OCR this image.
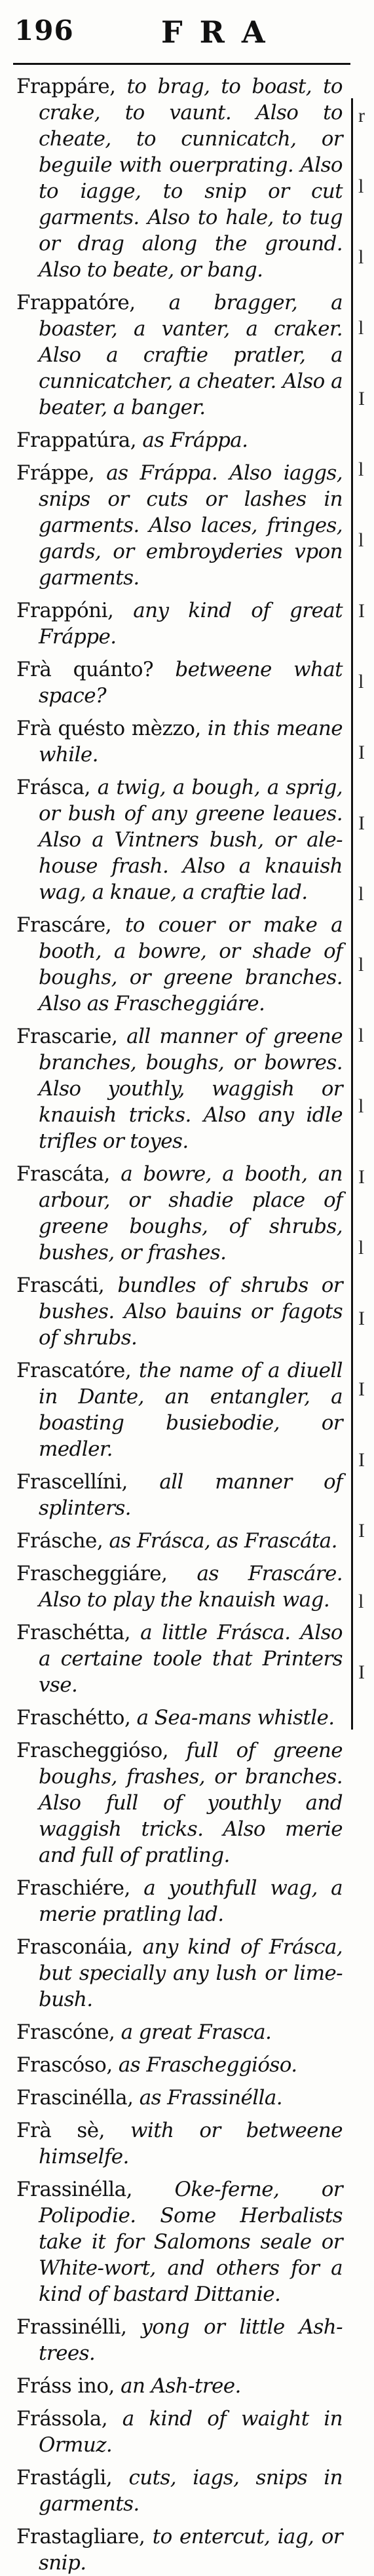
196	FRA

Frappáre, to brag, to boast, to crake, to vaunt. Also to cheate, to cunnicatch, or beguile with ouerprating. Also to iagge, to snip or cut garments. Also to hale, to tug or drag along the ground. Also to beate, or bang.

Frappatóre, a bragger, a boaster, a vanter, a craker. Also a craftie pratler, a cunnicatcher, a cheater. Also a beater, a banger.

Frappatúra, as Fráppa.

Fráppe, as Fráppa. Also iaggs, snips or cuts or lashes in garments. Also laces, fringes, gards, or embroyderies vpon garments.

Frappóni, any kind of great Fráppe.

Frà quánto? betweene what space?

Frà quésto mèzzo, in this meane while.

Frásca, a twig, a bough, a sprig, or bush of any greene leaues. Also a Vintners bush, or ale-house frash. Also a knauish wag, a knaue, a craftie lad.

Frascáre, to couer or make a booth, a bowre, or shade of boughs, or greene branches. Also as Frascheggiáre.

Frascarie, all manner of greene branches, boughs, or bowres. Also youthly, waggish or knauish tricks. Also any idle trifles or toyes.

Frascáta, a bowre, a booth, an arbour, or shadie place of greene boughs, of shrubs, bushes, or frashes.

Frascáti, bundles of shrubs or bushes. Also bauins or fagots of shrubs.

Frascatóre, the name of a diuell in Dante, an entangler, a boasting busiebodie, or medler.

Frascellíni, all manner of splinters.

Frásche, as Frásca, as Frascáta.

Frascheggiáre, as Frascáre. Also to play the knauish wag.

Fraschétta, a little Frásca. Also a certaine toole that Printers vse.

Fraschétto, a Sea-mans whistle.

Frascheggióso, full of greene boughs, frashes, or branches. Also full of youthly and waggish tricks. Also merie and full of pratling.

Fraschiére, a youthfull wag, a merie pratling lad.

Frasconáia, any kind of Frásca, but specially any lush or lime-bush.

Frascóne, a great Frasca.

Frascóso, as Frascheggióso.

Frascinélla, as Frassinélla.

Frà sè, with or betweene himselfe.

Frassinélla, Oke-ferne, or Polipodie. Some Herbalists take it for Salomons seale or White-wort, and others for a kind of bastard Dittanie.

Frassinélli, yong or little Ash-trees.

Fráss ino, an Ash-tree.

Frássola, a kind of waight in Ormuz.

Frastágli, cuts, iags, snips in garments.

Frastagliare, to entercut, iag, or snip.

r
l
l
l
I
l
l
I
l
I
I
l
l
l
l
I
l
I
I
I
I
l
I
